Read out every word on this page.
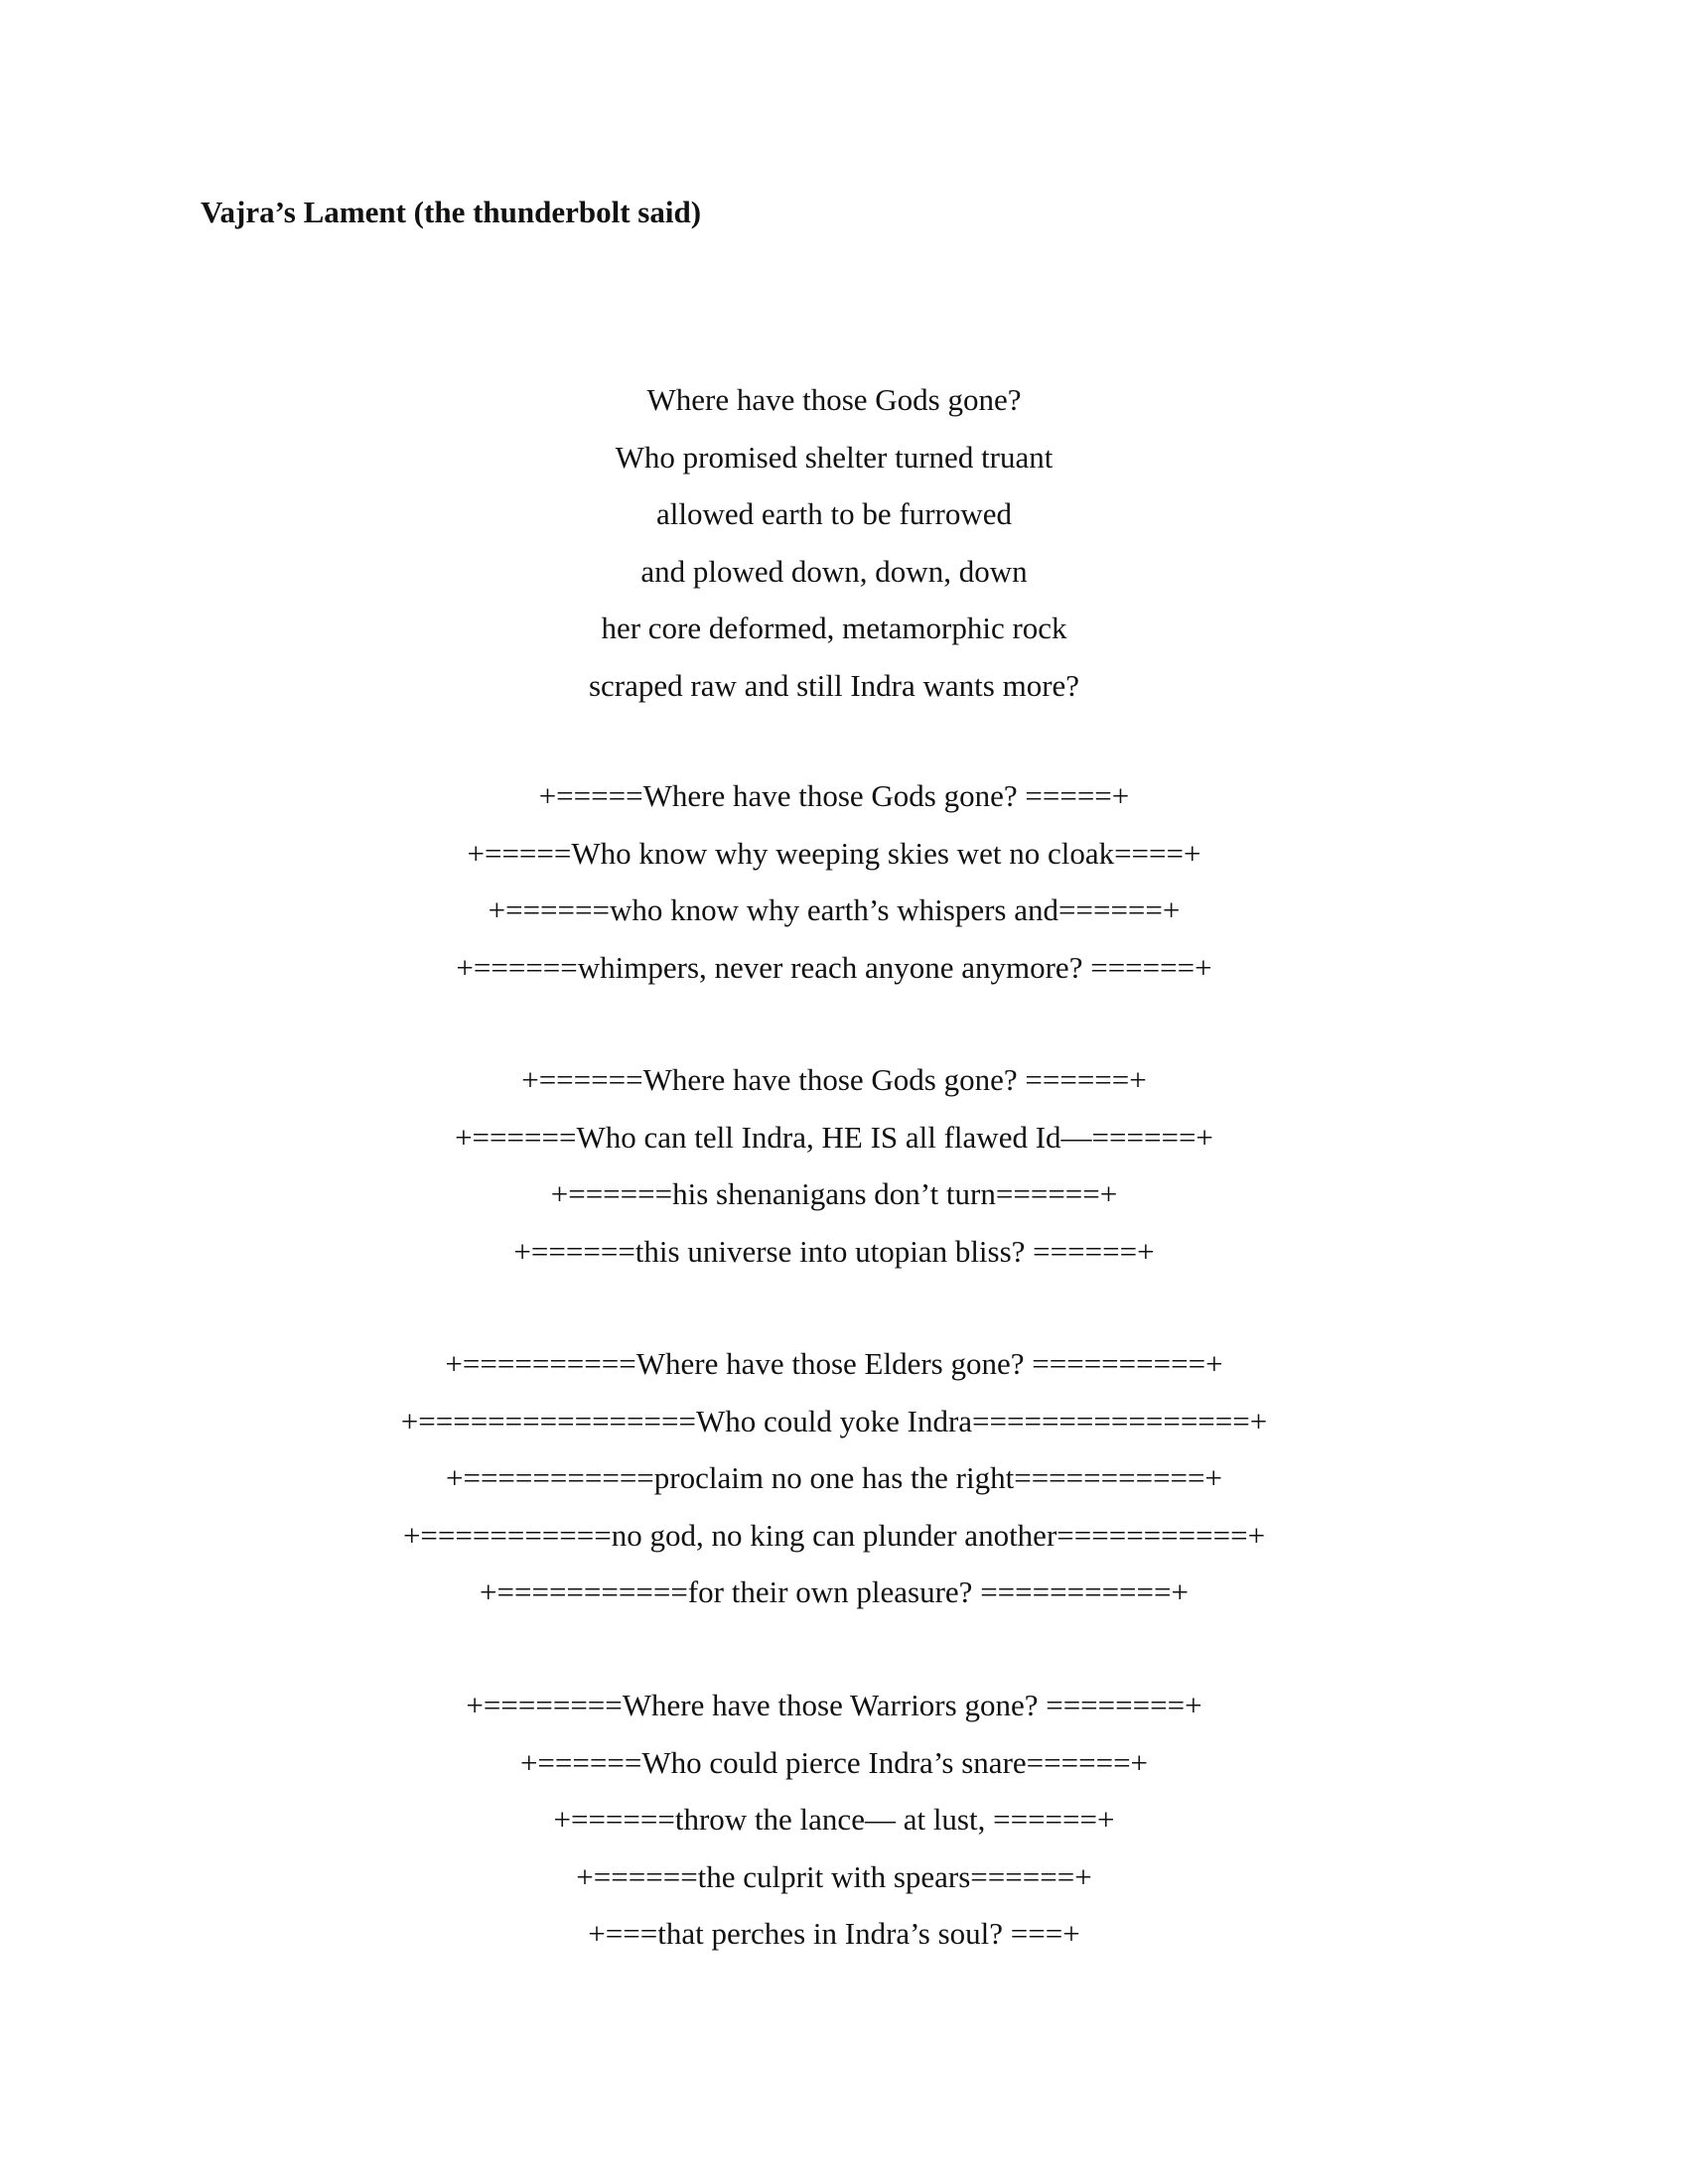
Vajra’s Lament (the thunderbolt said)
Where have those Gods gone?
Who promised shelter turned truant
allowed earth to be furrowed
and plowed down, down, down
her core deformed, metamorphic rock
scraped raw and still Indra wants more?
+=====Where have those Gods gone? =====+
+=====Who know why weeping skies wet no cloak====+
+======who know why earth’s whispers and======+
+======whimpers, never reach anyone anymore? ======+
+======Where have those Gods gone? ======+
+======Who can tell Indra, HE IS all flawed Id—======+
+======his shenanigans don’t turn======+
+======this universe into utopian bliss? ======+
+==========Where have those Elders gone? ==========+
+================Who could yoke Indra================+
+===========proclaim no one has the right===========+
+===========no god, no king can plunder another===========+
+===========for their own pleasure? ===========+
+========Where have those Warriors gone? ========+
+======Who could pierce Indra’s snare======+
+======throw the lance— at lust, ======+
+======the culprit with spears======+
+===that perches in Indra’s soul? ===+
